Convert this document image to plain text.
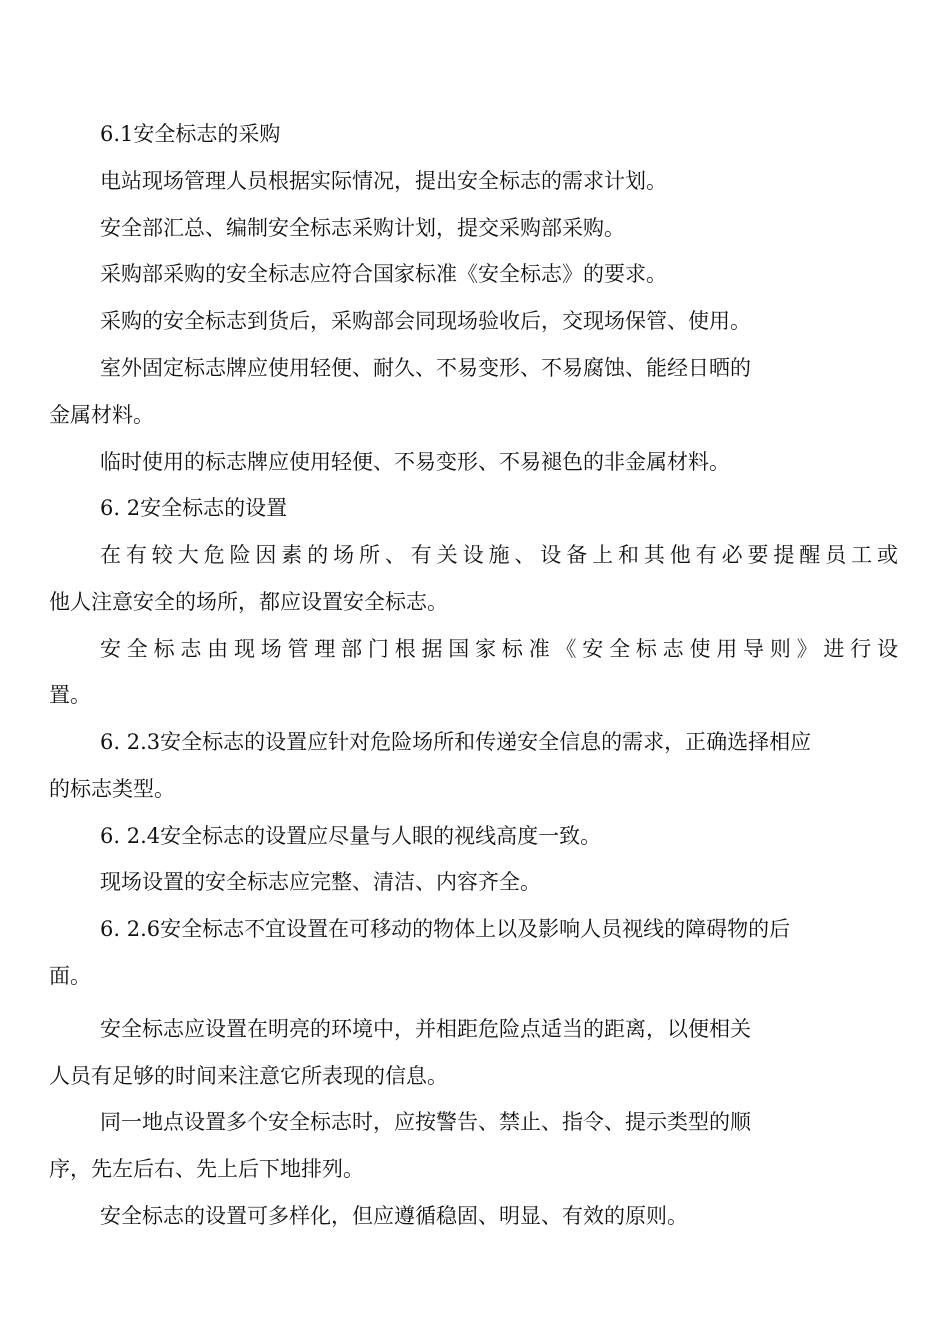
6.1安全标志的采购
电站现场管理人员根据实际情况，提出安全标志的需求计划。
安全部汇总、编制安全标志采购计划，提交采购部采购。
采购部采购的安全标志应符合国家标准《安全标志》的要求。
采购的安全标志到货后，采购部会同现场验收后，交现场保管、使用。
室外固定标志牌应使用轻便、耐久、不易变形、不易腐蚀、能经日晒的
金属材料。
临时使用的标志牌应使用轻便、不易变形、不易褪色的非金属材料。
6. 2安全标志的设置
在有较大危险因素的场所、有关设施、设备上和其他有必要提醒员工或
他人注意安全的场所，都应设置安全标志。
安全标志由现场管理部门根据国家标准《安全标志使用导则》进行设
置。
6. 2.3安全标志的设置应针对危险场所和传递安全信息的需求，正确选择相应
的标志类型。
6. 2.4安全标志的设置应尽量与人眼的视线高度一致。
现场设置的安全标志应完整、清洁、内容齐全。
6. 2.6安全标志不宜设置在可移动的物体上以及影响人员视线的障碍物的后
面。
安全标志应设置在明亮的环境中，并相距危险点适当的距离，以便相关
人员有足够的时间来注意它所表现的信息。
同一地点设置多个安全标志时，应按警告、禁止、指令、提示类型的顺
序，先左后右、先上后下地排列。
安全标志的设置可多样化，但应遵循稳固、明显、有效的原则。
